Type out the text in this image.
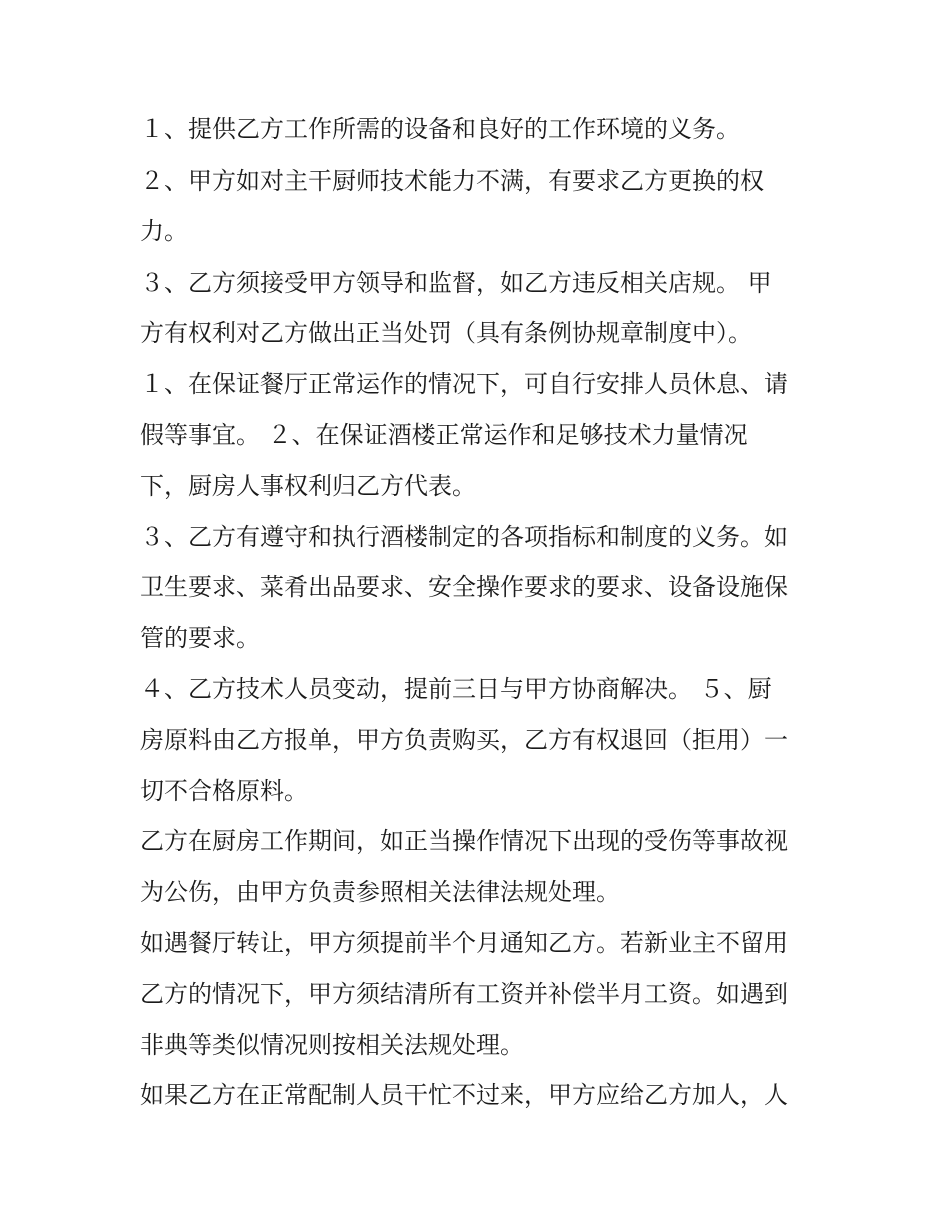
１、提供乙方工作所需的设备和良好的工作环境的义务。
２、甲方如对主干厨师技术能力不满，有要求乙方更换的权
力。
３、乙方须接受甲方领导和监督，如乙方违反相关店规。 甲
方有权利对乙方做出正当处罚（具有条例协规章制度中）。
１、在保证餐厅正常运作的情况下，可自行安排人员休息、请
假等事宜。 ２、在保证酒楼正常运作和足够技术力量情况
下，厨房人事权利归乙方代表。
３、乙方有遵守和执行酒楼制定的各项指标和制度的义务。如
卫生要求、菜肴出品要求、安全操作要求的要求、设备设施保
管的要求。
４、乙方技术人员变动，提前三日与甲方协商解决。 ５、厨
房原料由乙方报单，甲方负责购买，乙方有权退回（拒用）一
切不合格原料。
乙方在厨房工作期间，如正当操作情况下出现的受伤等事故视
为公伤，由甲方负责参照相关法律法规处理。
如遇餐厅转让，甲方须提前半个月通知乙方。若新业主不留用
乙方的情况下，甲方须结清所有工资并补偿半月工资。如遇到
非典等类似情况则按相关法规处理。
如果乙方在正常配制人员干忙不过来，甲方应给乙方加人，人
